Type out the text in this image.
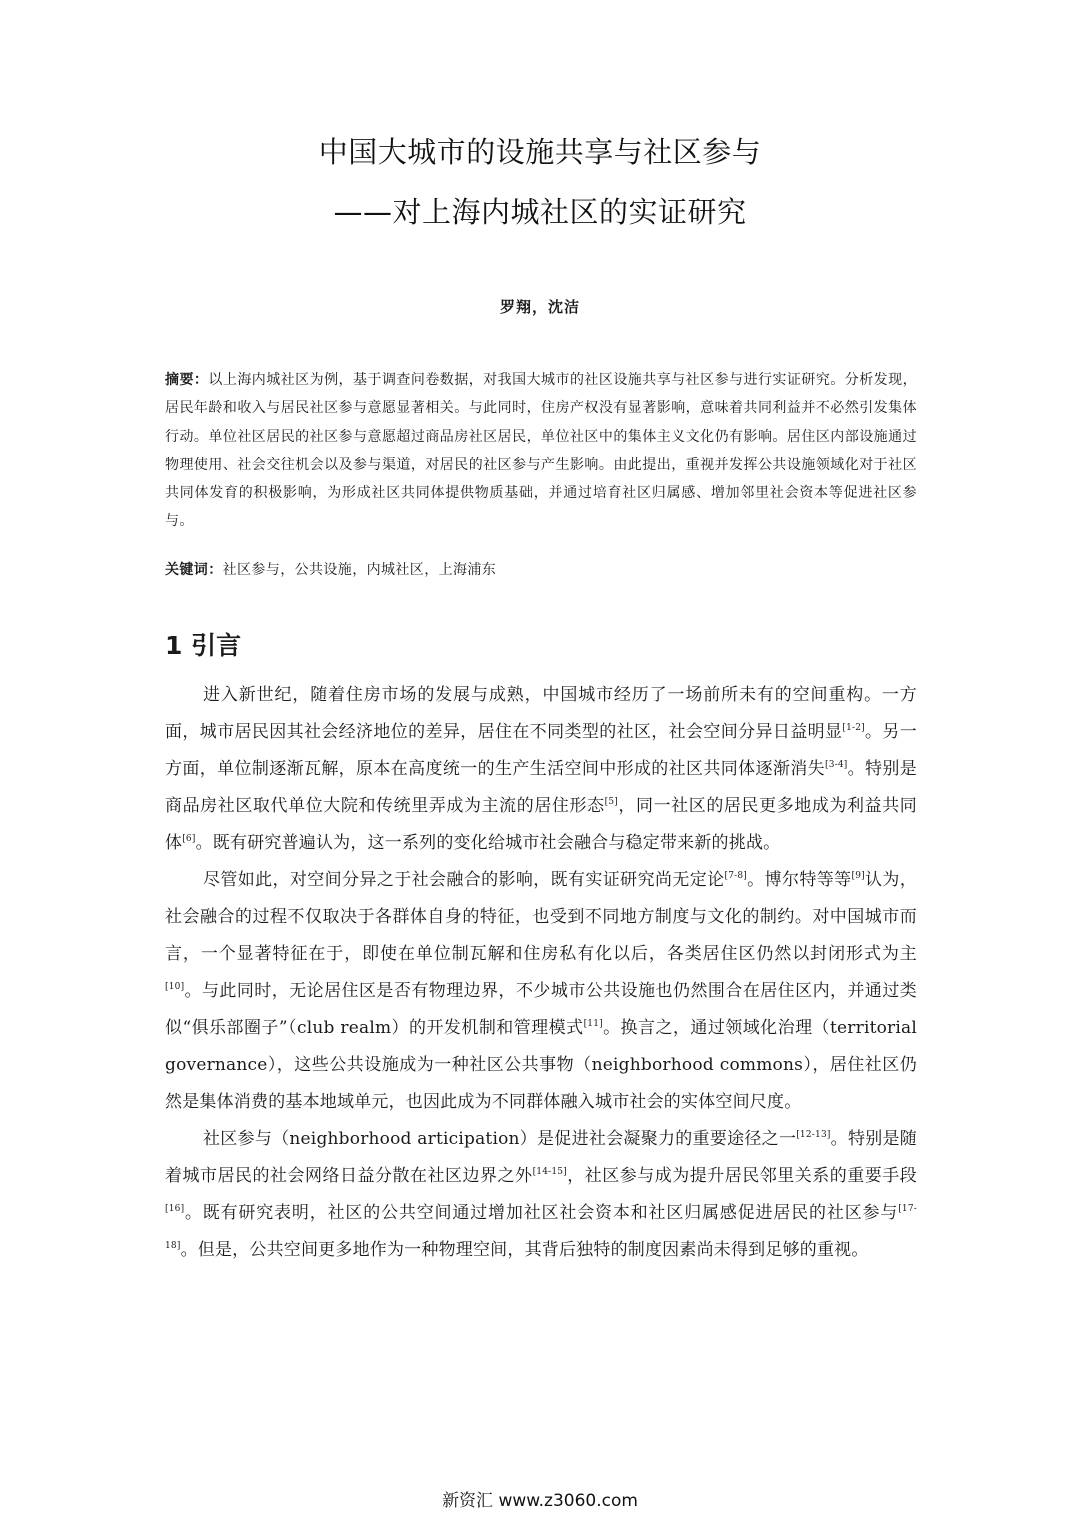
中国大城市的设施共享与社区参与
——对上海内城社区的实证研究
罗翔，沈洁

摘要：以上海内城社区为例，基于调查问卷数据，对我国大城市的社区设施共享与社区参与进行实证研究。分析发现，居民年龄和收入与居民社区参与意愿显著相关。与此同时，住房产权没有显著影响，意味着共同利益并不必然引发集体行动。单位社区居民的社区参与意愿超过商品房社区居民，单位社区中的集体主义文化仍有影响。居住区内部设施通过物理使用、社会交往机会以及参与渠道，对居民的社区参与产生影响。由此提出，重视并发挥公共设施领域化对于社区共同体发育的积极影响，为形成社区共同体提供物质基础，并通过培育社区归属感、增加邻里社会资本等促进社区参与。

关键词：社区参与，公共设施，内城社区，上海浦东

1 引言

进入新世纪，随着住房市场的发展与成熟，中国城市经历了一场前所未有的空间重构。一方面，城市居民因其社会经济地位的差异，居住在不同类型的社区，社会空间分异日益明显[1-2]。另一方面，单位制逐渐瓦解，原本在高度统一的生产生活空间中形成的社区共同体逐渐消失[3-4]。特别是商品房社区取代单位大院和传统里弄成为主流的居住形态[5]，同一社区的居民更多地成为利益共同体[6]。既有研究普遍认为，这一系列的变化给城市社会融合与稳定带来新的挑战。

尽管如此，对空间分异之于社会融合的影响，既有实证研究尚无定论[7-8]。博尔特等等[9]认为，社会融合的过程不仅取决于各群体自身的特征，也受到不同地方制度与文化的制约。对中国城市而言，一个显著特征在于，即使在单位制瓦解和住房私有化以后，各类居住区仍然以封闭形式为主[10]。与此同时，无论居住区是否有物理边界，不少城市公共设施也仍然围合在居住区内，并通过类似“俱乐部圈子”（club realm）的开发机制和管理模式[11]。换言之，通过领域化治理（territorial governance），这些公共设施成为一种社区公共事物（neighborhood commons），居住社区仍然是集体消费的基本地域单元，也因此成为不同群体融入城市社会的实体空间尺度。

社区参与（neighborhood articipation）是促进社会凝聚力的重要途径之一[12-13]。特别是随着城市居民的社会网络日益分散在社区边界之外[14-15]，社区参与成为提升居民邻里关系的重要手段[16]。既有研究表明，社区的公共空间通过增加社区社会资本和社区归属感促进居民的社区参与[17-18]。但是，公共空间更多地作为一种物理空间，其背后独特的制度因素尚未得到足够的重视。

新资汇 www.z3060.com
